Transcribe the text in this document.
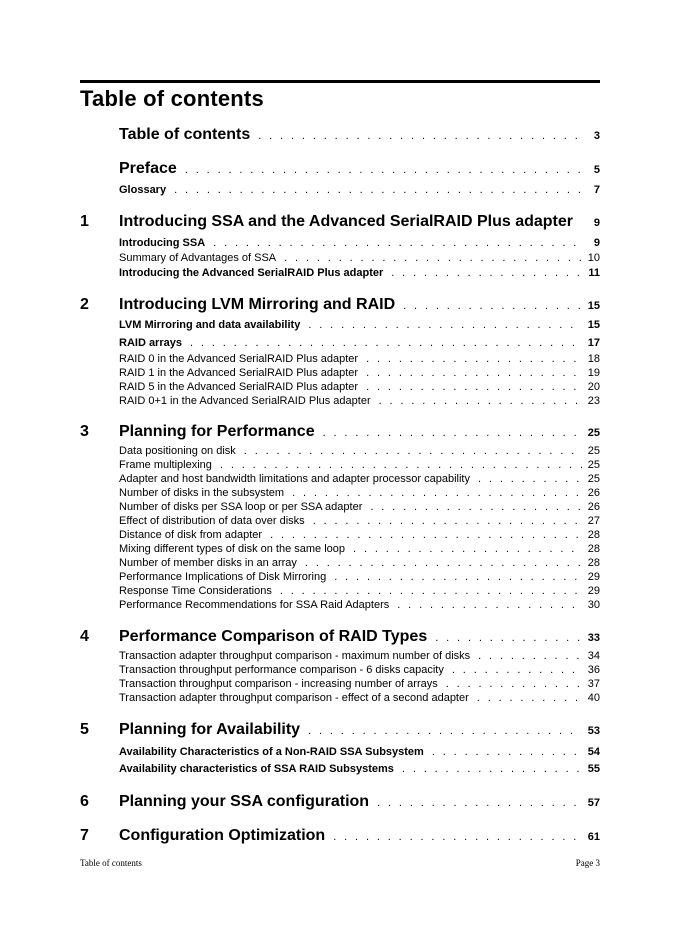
Table of contents
Table of contents . . .	3
Preface . . .	5
Glossary . . .	7
1	Introducing SSA and the Advanced SerialRAID Plus adapter . . .	9
Introducing SSA . . .	9
Summary of Advantages of SSA . . .	10
Introducing the Advanced SerialRAID Plus adapter . . .	11
2	Introducing LVM Mirroring and RAID . . .	15
LVM Mirroring and data availability . . .	15
RAID arrays . . .	17
RAID 0 in the Advanced SerialRAID Plus adapter . . .	18
RAID 1 in the Advanced SerialRAID Plus adapter . . .	19
RAID 5 in the Advanced SerialRAID Plus adapter . . .	20
RAID 0+1 in the Advanced SerialRAID Plus adapter . . .	23
3	Planning for Performance . . .	25
Data positioning on disk . . .	25
Frame multiplexing . . .	25
Adapter and host bandwidth limitations and adapter processor capability . . .	25
Number of disks in the subsystem . . .	26
Number of disks per SSA loop or per SSA adapter . . .	26
Effect of distribution of data over disks . . .	27
Distance of disk from adapter . . .	28
Mixing different types of disk on the same loop . . .	28
Number of member disks in an array . . .	28
Performance Implications of Disk Mirroring . . .	29
Response Time Considerations . . .	29
Performance Recommendations for SSA Raid Adapters . . .	30
4	Performance Comparison of RAID Types . . .	33
Transaction adapter throughput comparison - maximum number of disks . . .	34
Transaction throughput performance comparison - 6 disks capacity . . .	36
Transaction throughput comparison - increasing number of arrays . . .	37
Transaction adapter throughput comparison - effect of a second adapter . . .	40
5	Planning for Availability . . .	53
Availability Characteristics of a Non-RAID SSA Subsystem . . .	54
Availability characteristics of SSA RAID Subsystems . . .	55
6	Planning your SSA configuration . . .	57
7	Configuration Optimization . . .	61
Table of contents	Page 3
